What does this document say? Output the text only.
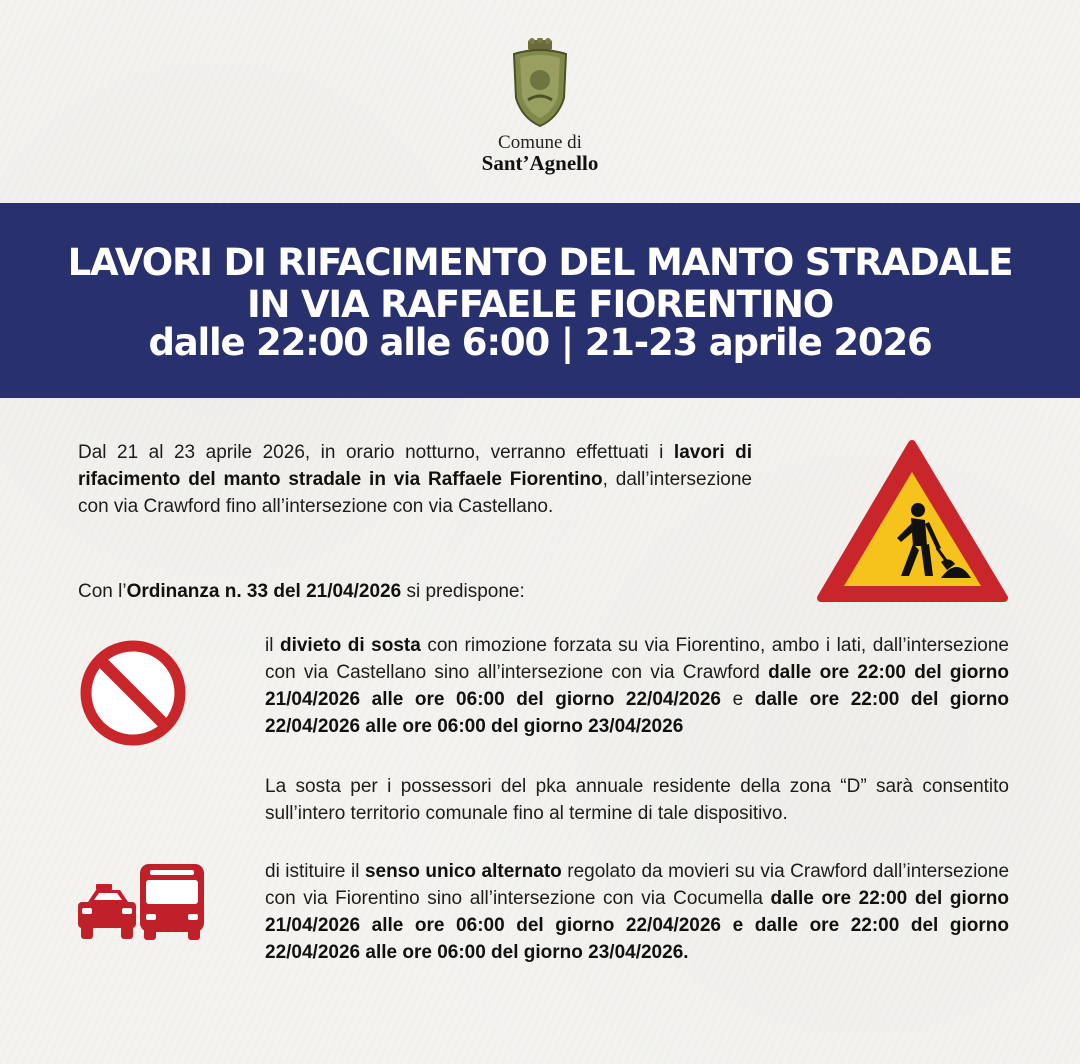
Comune di
Sant’Agnello
LAVORI DI RIFACIMENTO DEL MANTO STRADALE
IN VIA RAFFAELE FIORENTINO
dalle 22:00 alle 6:00 | 21-23 aprile 2026
Dal 21 al 23 aprile 2026, in orario notturno, verranno effettuati i lavori di rifacimento del manto stradale in via Raffaele Fiorentino, dall’intersezione con via Crawford fino all’intersezione con via Castellano.
Con l’Ordinanza n. 33 del 21/04/2026 si predispone:
il divieto di sosta con rimozione forzata su via Fiorentino, ambo i lati, dall’intersezione con via Castellano sino all’intersezione con via Crawford dalle ore 22:00 del giorno 21/04/2026 alle ore 06:00 del giorno 22/04/2026 e dalle ore 22:00 del giorno 22/04/2026 alle ore 06:00 del giorno 23/04/2026
La sosta per i possessori del pka annuale residente della zona “D” sarà consentito sull’intero territorio comunale fino al termine di tale dispositivo.
di istituire il senso unico alternato regolato da movieri su via Crawford dall’intersezione con via Fiorentino sino all’intersezione con via Cocumella dalle ore 22:00 del giorno 21/04/2026 alle ore 06:00 del giorno 22/04/2026 e dalle ore 22:00 del giorno 22/04/2026 alle ore 06:00 del giorno 23/04/2026.
